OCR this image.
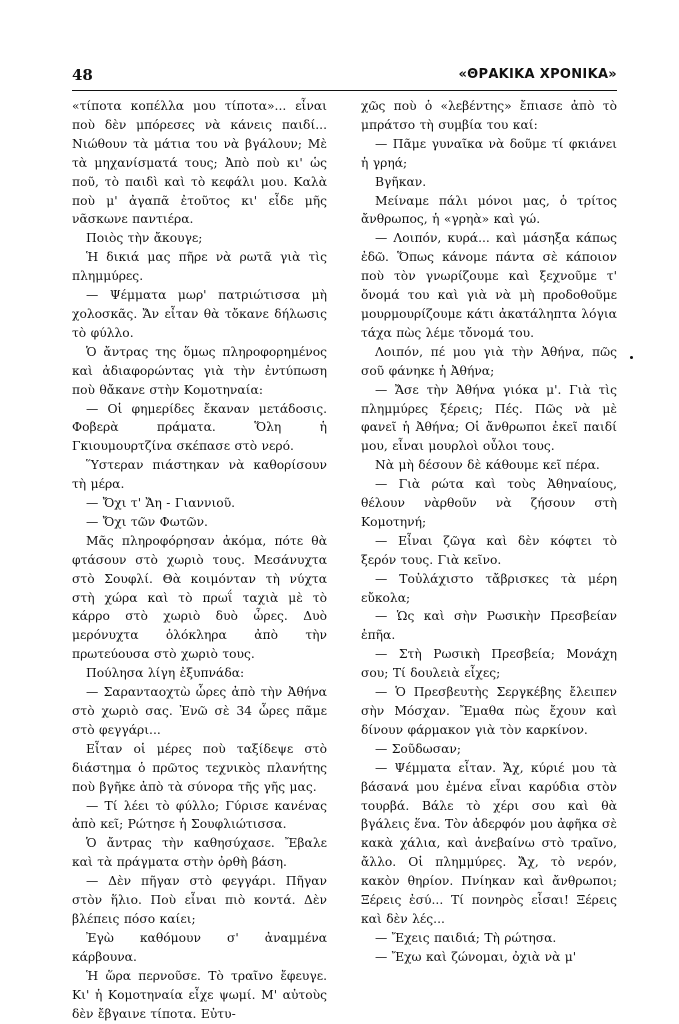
48	«ΘΡΑΚΙΚΑ ΧΡΟΝΙΚΑ»

«τίποτα κοπέλλα μου τίποτα»... εἶναι ποὺ δὲν μπόρεσες νὰ κάνεις παιδί... Νιώθουν τὰ μάτια του νὰ βγάλουν; Μὲ τὰ μηχανίσματά τους; Ἀπὸ ποὺ κι' ὡς ποῦ, τὸ παιδὶ καὶ τὸ κεφάλι μου. Καλὰ ποὺ μ' ἀγαπᾶ ἐτοῦτος κι' εἶδε μῆς νᾶσκωνε παντιέρα.

Ποιὸς τὴν ἄκουγε;

Ἡ δικιά μας πῆρε νὰ ρωτᾶ γιὰ τὶς πλημμύρες.

— Ψέμματα μωρ' πατριώτισσα μὴ χολοσκᾶς. Ἄν εἶταν θὰ τὄκανε δήλωσις τὸ φύλλο.

Ὁ ἄντρας της ὅμως πληροφορημένος καὶ ἀδιαφορώντας γιὰ τὴν ἐντύπωση ποὺ θἄκανε στὴν Κομοτηναία:

— Οἱ φημερίδες ἔκαναν μετάδοσις. Φοβερὰ πράματα. Ὅλη ἡ Γκιουμουρτζίνα σκέπασε στὸ νερό.

Ὕστεραν πιάστηκαν νὰ καθορίσουν τὴ μέρα.

— Ὄχι τ' Ἄη - Γιαννιοῦ.

— Ὄχι τῶν Φωτῶν.

Μᾶς πληροφόρησαν ἀκόμα, πότε θὰ φτάσουν στὸ χωριὸ τους. Μεσάνυχτα στὸ Σουφλί. Θὰ κοιμόνταν τὴ νύχτα στὴ χώρα καὶ τὸ πρωΐ ταχιὰ μὲ τὸ κάρρο στὸ χωριὸ δυὸ ὧρες. Δυὸ μερόνυχτα ὁλόκληρα ἀπὸ τὴν πρωτεύουσα στὸ χωριὸ τους.

Πούλησα λίγη ἐξυπνάδα:

— Σαρανταοχτὼ ὧρες ἀπὸ τὴν Ἀθήνα στὸ χωριὸ σας. Ἐνῶ σὲ 34 ὧρες πᾶμε στὸ φεγγάρι...

Εἶταν οἱ μέρες ποὺ ταξίδεψε στὸ διάστημα ὁ πρῶτος τεχνικὸς πλανήτης ποὺ βγῆκε ἀπὸ τὰ σύνορα τῆς γῆς μας.

— Τί λέει τὸ φύλλο; Γύρισε κανένας ἀπὸ κεῖ; Ρώτησε ἡ Σουφλιώτισσα.

Ὁ ἄντρας τὴν καθησύχασε. Ἔβαλε καὶ τὰ πράγματα στὴν ὀρθὴ βάση.

— Δὲν πῆγαν στὸ φεγγάρι. Πῆγαν στὸν ἥλιο. Ποὺ εἶναι πιὸ κοντά. Δὲν βλέπεις πόσο καίει;

Ἐγὼ καθόμουν σ' ἀναμμένα κάρβουνα.

Ἡ ὥρα περνοῦσε. Τὸ τραῖνο ἔφευγε. Κι' ἡ Κομοτηναία εἶχε ψωμί. Μ' αὐτοὺς δὲν ἔβγαινε τίποτα. Εὐτυ-

χῶς ποὺ ὁ «λεβέντης» ἔπιασε ἀπὸ τὸ μπράτσο τὴ συμβία του καί:

— Πᾶμε γυναῖκα νὰ δοῦμε τί φκιάνει ἡ γρηά;

Βγῆκαν.

Μείναμε πάλι μόνοι μας, ὁ τρίτος ἄνθρωπος, ἡ «γρηὰ» καὶ γώ.

— Λοιπόν, κυρά... καὶ μάσηξα κάπως ἐδῶ. Ὅπως κάνομε πάντα σὲ κάποιον ποὺ τὸν γνωρίζουμε καὶ ξεχνοῦμε τ' ὄνομά του καὶ γιὰ νὰ μὴ προδοθοῦμε μουρμουρίζουμε κάτι ἀκατάληπτα λόγια τάχα πὼς λέμε τὄνομά του.

Λοιπόν, πέ μου γιὰ τὴν Ἀθήνα, πῶς σοῦ φάνηκε ἡ Ἀθήνα;

— Ἄσε τὴν Ἀθήνα γιόκα μ'. Γιὰ τὶς πλημμύρες ξέρεις; Πές. Πῶς νὰ μὲ φανεῖ ἡ Ἀθήνα; Οἱ ἄνθρωποι ἐκεῖ παιδί μου, εἶναι μουρλοὶ οὖλοι τους.

Νὰ μὴ δέσουν δὲ κάθουμε κεῖ πέρα.

— Γιὰ ρώτα καὶ τοὺς Ἀθηναίους, θέλουν νὰρθοῦν νὰ ζήσουν στὴ Κομοτηνή;

— Εἶναι ζῶγα καὶ δὲν κόφτει τὸ ξερόν τους. Γιὰ κεῖνο.

— Τοὐλάχιστο τἄβρισκες τὰ μέρη εὔκολα;

— Ὡς καὶ σὴν Ρωσικὴν Πρεσβείαν ἐπῆα.

— Στὴ Ρωσικὴ Πρεσβεία; Μονάχη σου; Τί δουλειὰ εἶχες;

— Ὁ Πρεσβευτὴς Σεργκέβης ἔλειπεν σὴν Μόσχαν. Ἔμαθα πὼς ἔχουν καὶ δίνουν φάρμακον γιὰ τὸν καρκίνον.

— Σοῦδωσαν;

— Ψέμματα εἶταν. Ἄχ, κύριέ μου τὰ βάσανά μου ἐμένα εἶναι καρύδια στὸν τουρβά. Βάλε τὸ χέρι σου καὶ θὰ βγάλεις ἕνα. Τὸν ἀδερφόν μου ἀφῆκα σὲ κακὰ χάλια, καὶ ἀνεβαίνω στὸ τραῖνο, ἄλλο. Οἱ πλημμύρες. Ἄχ, τὸ νερόν, κακὸν θηρίον. Πνίηκαν καὶ ἄνθρωποι; Ξέρεις ἐσύ... Τί πονηρὸς εἶσαι! Ξέρεις καὶ δὲν λές...

— Ἔχεις παιδιά; Τὴ ρώτησα.

— Ἔχω καὶ ζώνομαι, ὀχιὰ νὰ μ'
